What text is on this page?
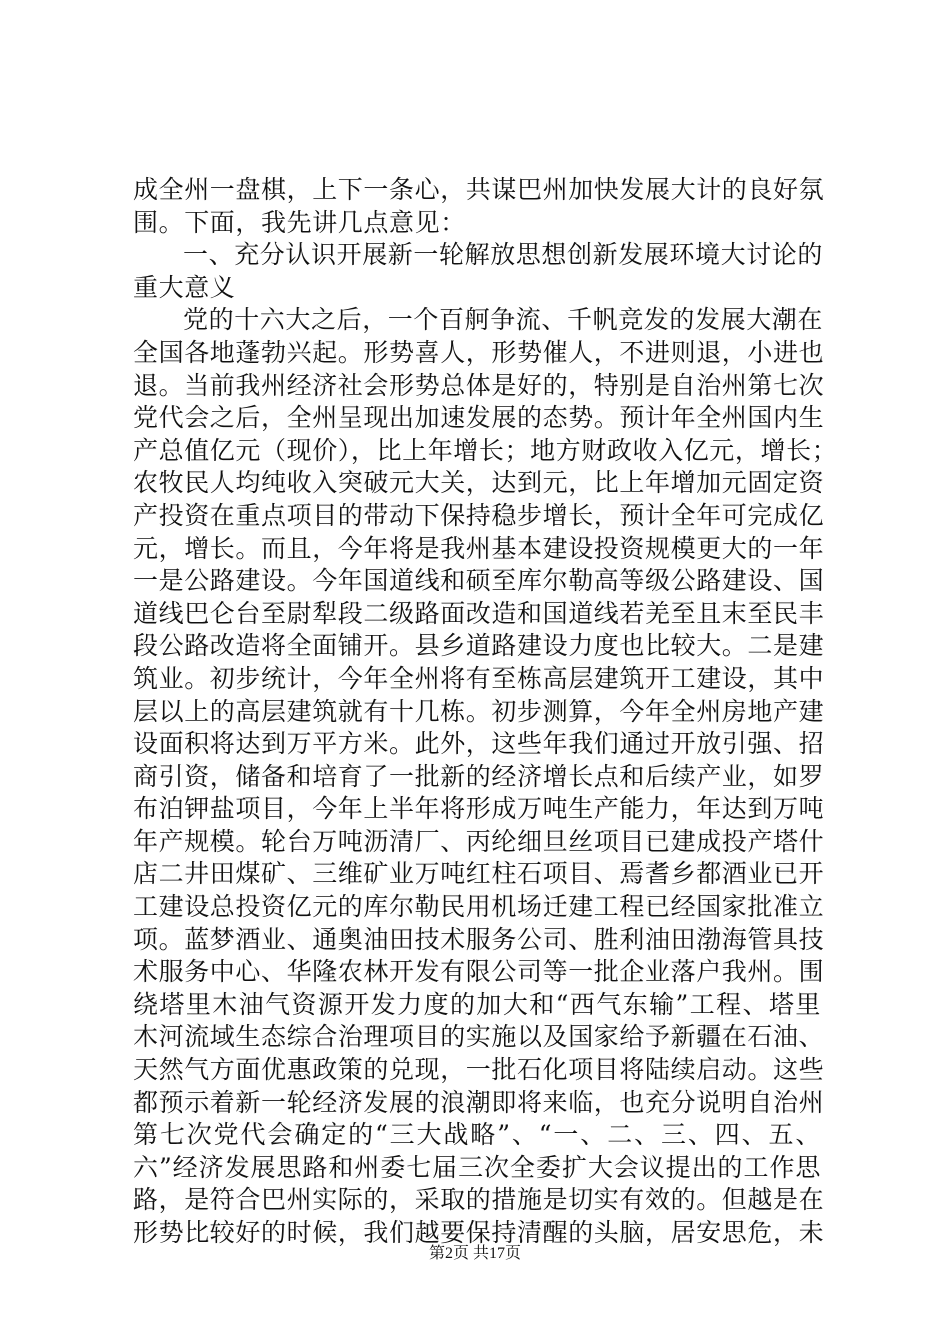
成全州一盘棋，上下一条心，共谋巴州加快发展大计的良好氛
围。下面，我先讲几点意见：
一、充分认识开展新一轮解放思想创新发展环境大讨论的
重大意义
党的十六大之后，一个百舸争流、千帆竞发的发展大潮在
全国各地蓬勃兴起。形势喜人，形势催人，不进则退，小进也
退。当前我州经济社会形势总体是好的，特别是自治州第七次
党代会之后，全州呈现出加速发展的态势。预计年全州国内生
产总值亿元（现价），比上年增长；地方财政收入亿元，增长；
农牧民人均纯收入突破元大关，达到元，比上年增加元固定资
产投资在重点项目的带动下保持稳步增长，预计全年可完成亿
元，增长。而且，今年将是我州基本建设投资规模更大的一年
一是公路建设。今年国道线和硕至库尔勒高等级公路建设、国
道线巴仑台至尉犁段二级路面改造和国道线若羌至且末至民丰
段公路改造将全面铺开。县乡道路建设力度也比较大。二是建
筑业。初步统计，今年全州将有至栋高层建筑开工建设，其中
层以上的高层建筑就有十几栋。初步测算，今年全州房地产建
设面积将达到万平方米。此外，这些年我们通过开放引强、招
商引资，储备和培育了一批新的经济增长点和后续产业，如罗
布泊钾盐项目，今年上半年将形成万吨生产能力，年达到万吨
年产规模。轮台万吨沥清厂、丙纶细旦丝项目已建成投产塔什
店二井田煤矿、三维矿业万吨红柱石项目、焉耆乡都酒业已开
工建设总投资亿元的库尔勒民用机场迁建工程已经国家批准立
项。蓝梦酒业、通奥油田技术服务公司、胜利油田渤海管具技
术服务中心、华隆农林开发有限公司等一批企业落户我州。围
绕塔里木油气资源开发力度的加大和“西气东输”工程、塔里
木河流域生态综合治理项目的实施以及国家给予新疆在石油、
天然气方面优惠政策的兑现，一批石化项目将陆续启动。这些
都预示着新一轮经济发展的浪潮即将来临，也充分说明自治州
第七次党代会确定的“三大战略”、“一、二、三、四、五、
六”经济发展思路和州委七届三次全委扩大会议提出的工作思
路，是符合巴州实际的，采取的措施是切实有效的。但越是在
形势比较好的时候，我们越要保持清醒的头脑，居安思危，未
第2页 共17页
